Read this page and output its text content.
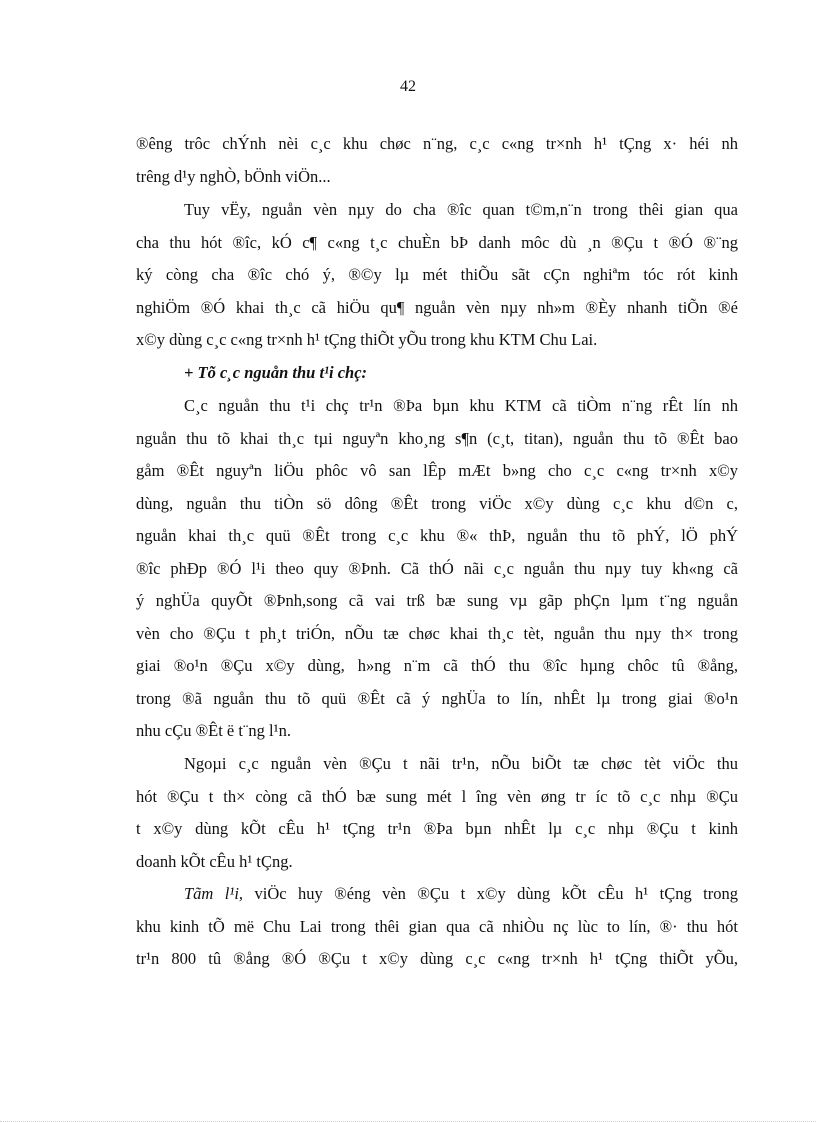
42
®êng trôc chÝnh nèi c¸c khu chøc n¨ng, c¸c c«ng tr×nh h¹ tÇng x· héi nh
trêng d¹y nghÒ, bÖnh viÖn...
Tuy vËy, nguån vèn nµy do cha ®îc quan t©m,n¨n trong thêi gian qua
cha thu hót ®îc, kÓ c¶ c«ng t¸c chuÈn bÞ danh môc dù ¸n ®Çu t ®Ó ®¨ng
ký còng cha ®îc chó ý, ®©y lµ mét thiÕu sãt cÇn nghiªm tóc rót kinh
nghiÖm ®Ó khai th¸c cã hiÖu qu¶ nguån vèn nµy nh»m ®Èy nhanh tiÕn ®é
x©y dùng c¸c c«ng tr×nh h¹ tÇng thiÕt yÕu trong khu KTM Chu Lai.
+ Tõ c¸c nguån thu t¹i chç:
C¸c nguån thu t¹i chç tr¹n ®Þa bµn khu KTM cã tiÒm n¨ng rÊt lín nh
nguån thu tõ khai th¸c tµi nguyªn kho¸ng s¶n (c¸t, titan), nguån thu tõ ®Êt bao
gåm ®Êt nguyªn liÖu phôc vô san lÊp mÆt b»ng cho c¸c c«ng tr×nh x©y
dùng, nguån thu tiÒn sö dông ®Êt trong viÖc x©y dùng c¸c khu d©n c,
nguån khai th¸c quü ®Êt trong c¸c khu ®« thÞ, nguån thu tõ phÝ, lÖ phÝ
®îc phÐp ®Ó l¹i theo quy ®Þnh. Cã thÓ nãi c¸c nguån thu nµy tuy kh«ng cã
ý nghÜa quyÕt ®Þnh,song cã vai trß bæ sung vµ gãp phÇn lµm t¨ng nguån
vèn cho ®Çu t ph¸t triÓn, nÕu tæ chøc khai th¸c tèt, nguån thu nµy th× trong
giai ®o¹n ®Çu x©y dùng, h»ng n¨m cã thÓ thu ®îc hµng chôc tû ®ång,
trong ®ã nguån thu tõ quü ®Êt cã ý nghÜa to lín, nhÊt lµ trong giai ®o¹n
nhu cÇu ®Êt ë t¨ng l¹n.
Ngoµi c¸c nguån vèn ®Çu t nãi tr¹n, nÕu biÕt tæ chøc tèt viÖc thu
hót ®Çu t th× còng cã thÓ bæ sung mét l îng vèn øng tr íc tõ c¸c nhµ ®Çu
t x©y dùng kÕt cÊu h¹ tÇng tr¹n ®Þa bµn nhÊt lµ c¸c nhµ ®Çu t kinh
doanh kÕt cÊu h¹ tÇng.
Tãm l¹i, viÖc huy ®éng vèn ®Çu t x©y dùng kÕt cÊu h¹ tÇng trong
khu kinh tÕ më Chu Lai trong thêi gian qua cã nhiÒu nç lùc to lín, ®· thu hót
tr¹n 800 tû ®ång ®Ó ®Çu t x©y dùng c¸c c«ng tr×nh h¹ tÇng thiÕt yÕu,
